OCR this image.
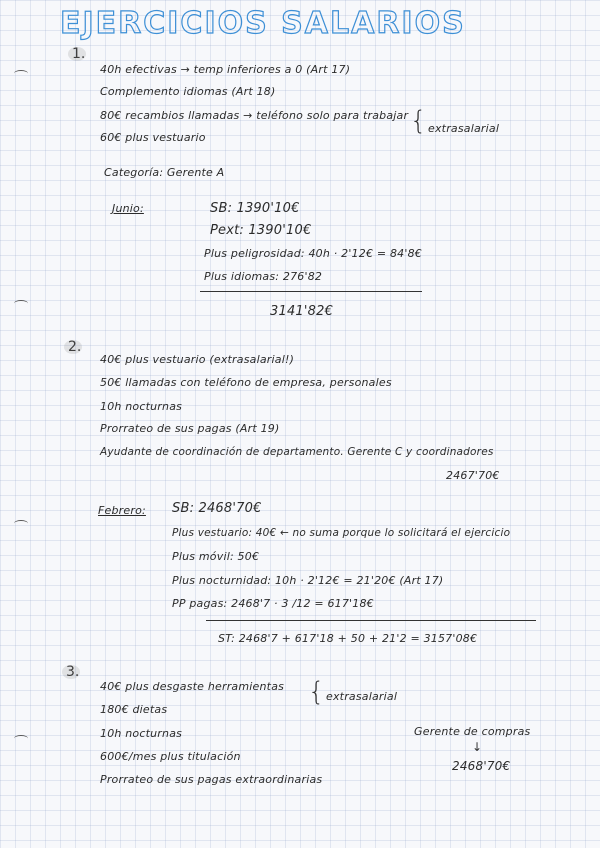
EJERCICIOS SALARIOS
1.
40h efectivas → temp inferiores a 0 (Art 17)
Complemento idiomas (Art 18)
80€ recambios llamadas → teléfono solo para trabajar
60€ plus vestuario
{ extrasalarial
Categoría: Gerente A
Junio:	SB: 1390'10€
Pext: 1390'10€
Plus peligrosidad: 40h · 2'12€ = 84'8€
Plus idiomas: 276'82
3141'82€
2.
40€ plus vestuario (extrasalarial!)
50€ llamadas con teléfono de empresa, personales
10h nocturnas
Prorrateo de sus pagas (Art 19)
Ayudante de coordinación de departamento. Gerente C y coordinadores
2467'70€
Febrero: SB: 2468'70€
Plus vestuario: 40€ ← no suma porque lo solicitará el ejercicio
Plus móvil: 50€
Plus nocturnidad: 10h · 2'12€ = 21'20€ (Art 17)
PP pagas: 2468'7 · 3 /12 = 617'18€
ST: 2468'7 + 617'18 + 50 + 21'2 = 3157'08€
3.
40€ plus desgaste herramientas
180€ dietas
{ extrasalarial
10h nocturnas	Gerente de compras
↓
600€/mes plus titulación
2468'70€
Prorrateo de sus pagas extraordinarias
